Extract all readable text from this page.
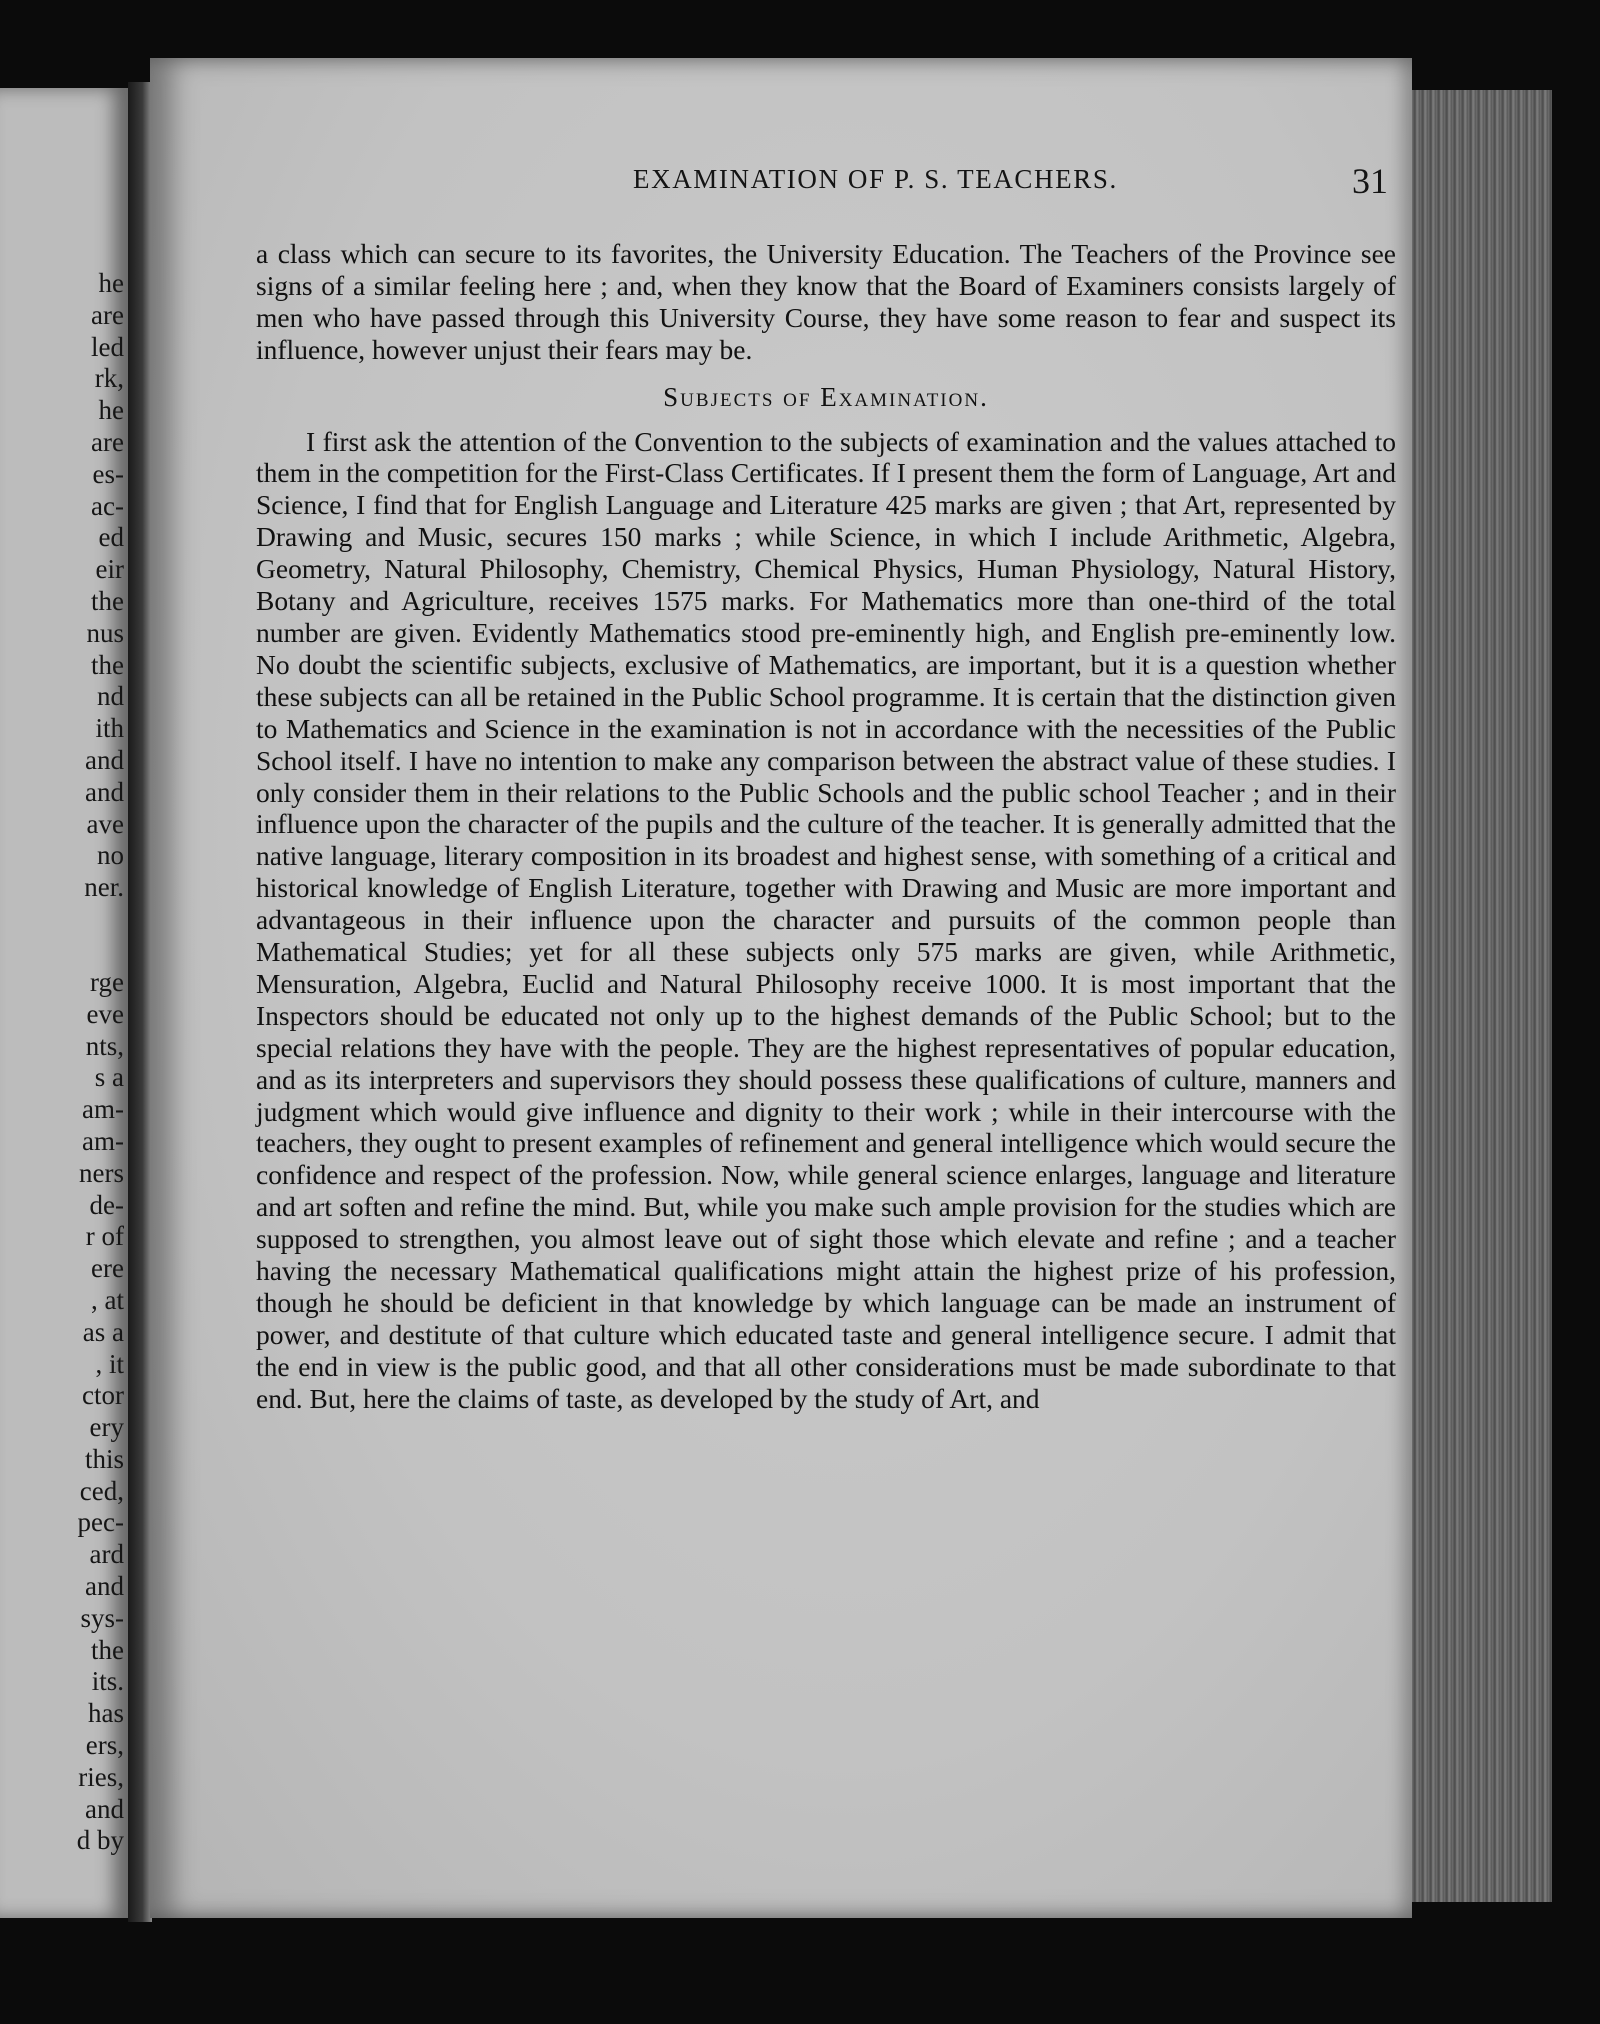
he
are
led
rk,
he
are
es-
ac-
ed
eir
the
nus
the
nd
ith
and
and
ave
no
ner.
rge
eve
nts,
s a
am-
am-
ners
de-
r of
ere
, at
as a
, it
ctor
ery
this
ced,
pec-
ard
and
sys-
the
its.
has
ers,
ries,
and
d by
EXAMINATION OF P. S. TEACHERS.	31

a class which can secure to its favorites, the University Education. The Teachers of the Province see signs of a similar feeling here ; and, when they know that the Board of Examiners consists largely of men who have passed through this University Course, they have some reason to fear and suspect its influence, however unjust their fears may be.

Subjects of Examination.

I first ask the attention of the Convention to the subjects of examination and the values attached to them in the competition for the First-Class Certificates. If I present them the form of Language, Art and Science, I find that for English Language and Literature 425 marks are given ; that Art, represented by Drawing and Music, secures 150 marks ; while Science, in which I include Arithmetic, Algebra, Geometry, Natural Philosophy, Chemistry, Chemical Physics, Human Physiology, Natural History, Botany and Agriculture, receives 1575 marks. For Mathematics more than one-third of the total number are given. Evidently Mathematics stood pre-eminently high, and English pre-eminently low. No doubt the scientific subjects, exclusive of Mathematics, are important, but it is a question whether these subjects can all be retained in the Public School programme. It is certain that the distinction given to Mathematics and Science in the examination is not in accordance with the necessities of the Public School itself. I have no intention to make any comparison between the abstract value of these studies. I only consider them in their relations to the Public Schools and the public school Teacher ; and in their influence upon the character of the pupils and the culture of the teacher. It is generally admitted that the native language, literary composition in its broadest and highest sense, with something of a critical and historical knowledge of English Literature, together with Drawing and Music are more important and advantageous in their influence upon the character and pursuits of the common people than Mathematical Studies; yet for all these subjects only 575 marks are given, while Arithmetic, Mensuration, Algebra, Euclid and Natural Philosophy receive 1000. It is most important that the Inspectors should be educated not only up to the highest demands of the Public School; but to the special relations they have with the people. They are the highest representatives of popular education, and as its interpreters and supervisors they should possess these qualifications of culture, manners and judgment which would give influence and dignity to their work ; while in their intercourse with the teachers, they ought to present examples of refinement and general intelligence which would secure the confidence and respect of the profession. Now, while general science enlarges, language and literature and art soften and refine the mind. But, while you make such ample provision for the studies which are supposed to strengthen, you almost leave out of sight those which elevate and refine ; and a teacher having the necessary Mathematical qualifications might attain the highest prize of his profession, though he should be deficient in that knowledge by which language can be made an instrument of power, and destitute of that culture which educated taste and general intelligence secure. I admit that the end in view is the public good, and that all other considerations must be made subordinate to that end. But, here the claims of taste, as developed by the study of Art, and
